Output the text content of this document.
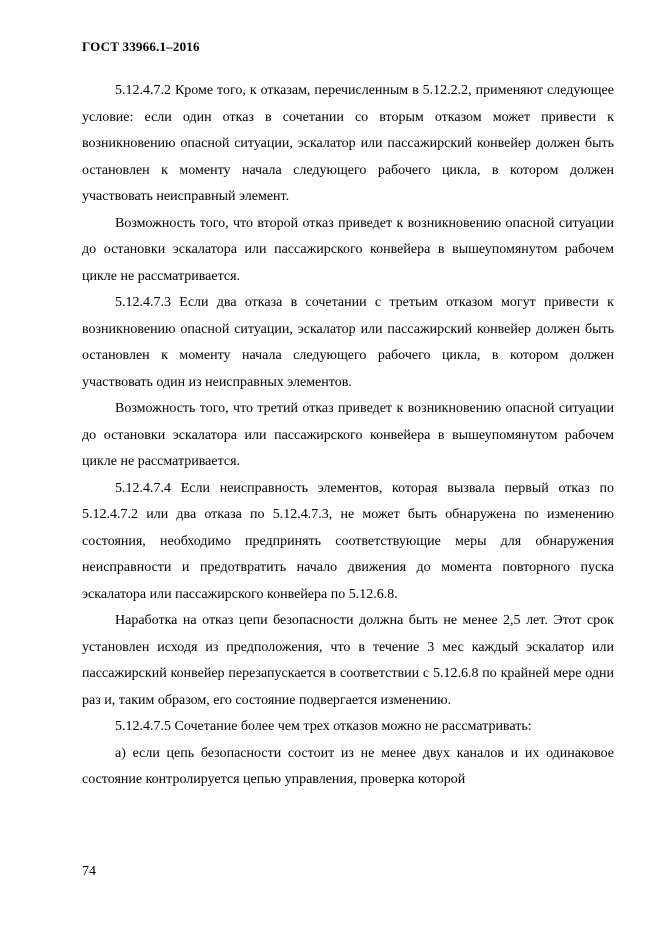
ГОСТ 33966.1–2016

5.12.4.7.2 Кроме того, к отказам, перечисленным в 5.12.2.2, применяют следующее условие: если один отказ в сочетании со вторым отказом может привести к возникновению опасной ситуации, эскалатор или пассажирский конвейер должен быть остановлен к моменту начала следующего рабочего цикла, в котором должен участвовать неисправный элемент.

Возможность того, что второй отказ приведет к возникновению опасной ситуации до остановки эскалатора или пассажирского конвейера в вышеупомянутом рабочем цикле не рассматривается.

5.12.4.7.3 Если два отказа в сочетании с третьим отказом могут привести к возникновению опасной ситуации, эскалатор или пассажирский конвейер должен быть остановлен к моменту начала следующего рабочего цикла, в котором должен участвовать один из неисправных элементов.

Возможность того, что третий отказ приведет к возникновению опасной ситуации до остановки эскалатора или пассажирского конвейера в вышеупомянутом рабочем цикле не рассматривается.

5.12.4.7.4 Если неисправность элементов, которая вызвала первый отказ по 5.12.4.7.2 или два отказа по 5.12.4.7.3, не может быть обнаружена по изменению состояния, необходимо предпринять соответствующие меры для обнаружения неисправности и предотвратить начало движения до момента повторного пуска эскалатора или пассажирского конвейера по 5.12.6.8.

Наработка на отказ цепи безопасности должна быть не менее 2,5 лет. Этот срок установлен исходя из предположения, что в течение 3 мес каждый эскалатор или пассажирский конвейер перезапускается в соответствии с 5.12.6.8 по крайней мере одни раз и, таким образом, его состояние подвергается изменению.

5.12.4.7.5 Сочетание более чем трех отказов можно не рассматривать:

а) если цепь безопасности состоит из не менее двух каналов и их одинаковое состояние контролируется цепью управления, проверка которой

74
